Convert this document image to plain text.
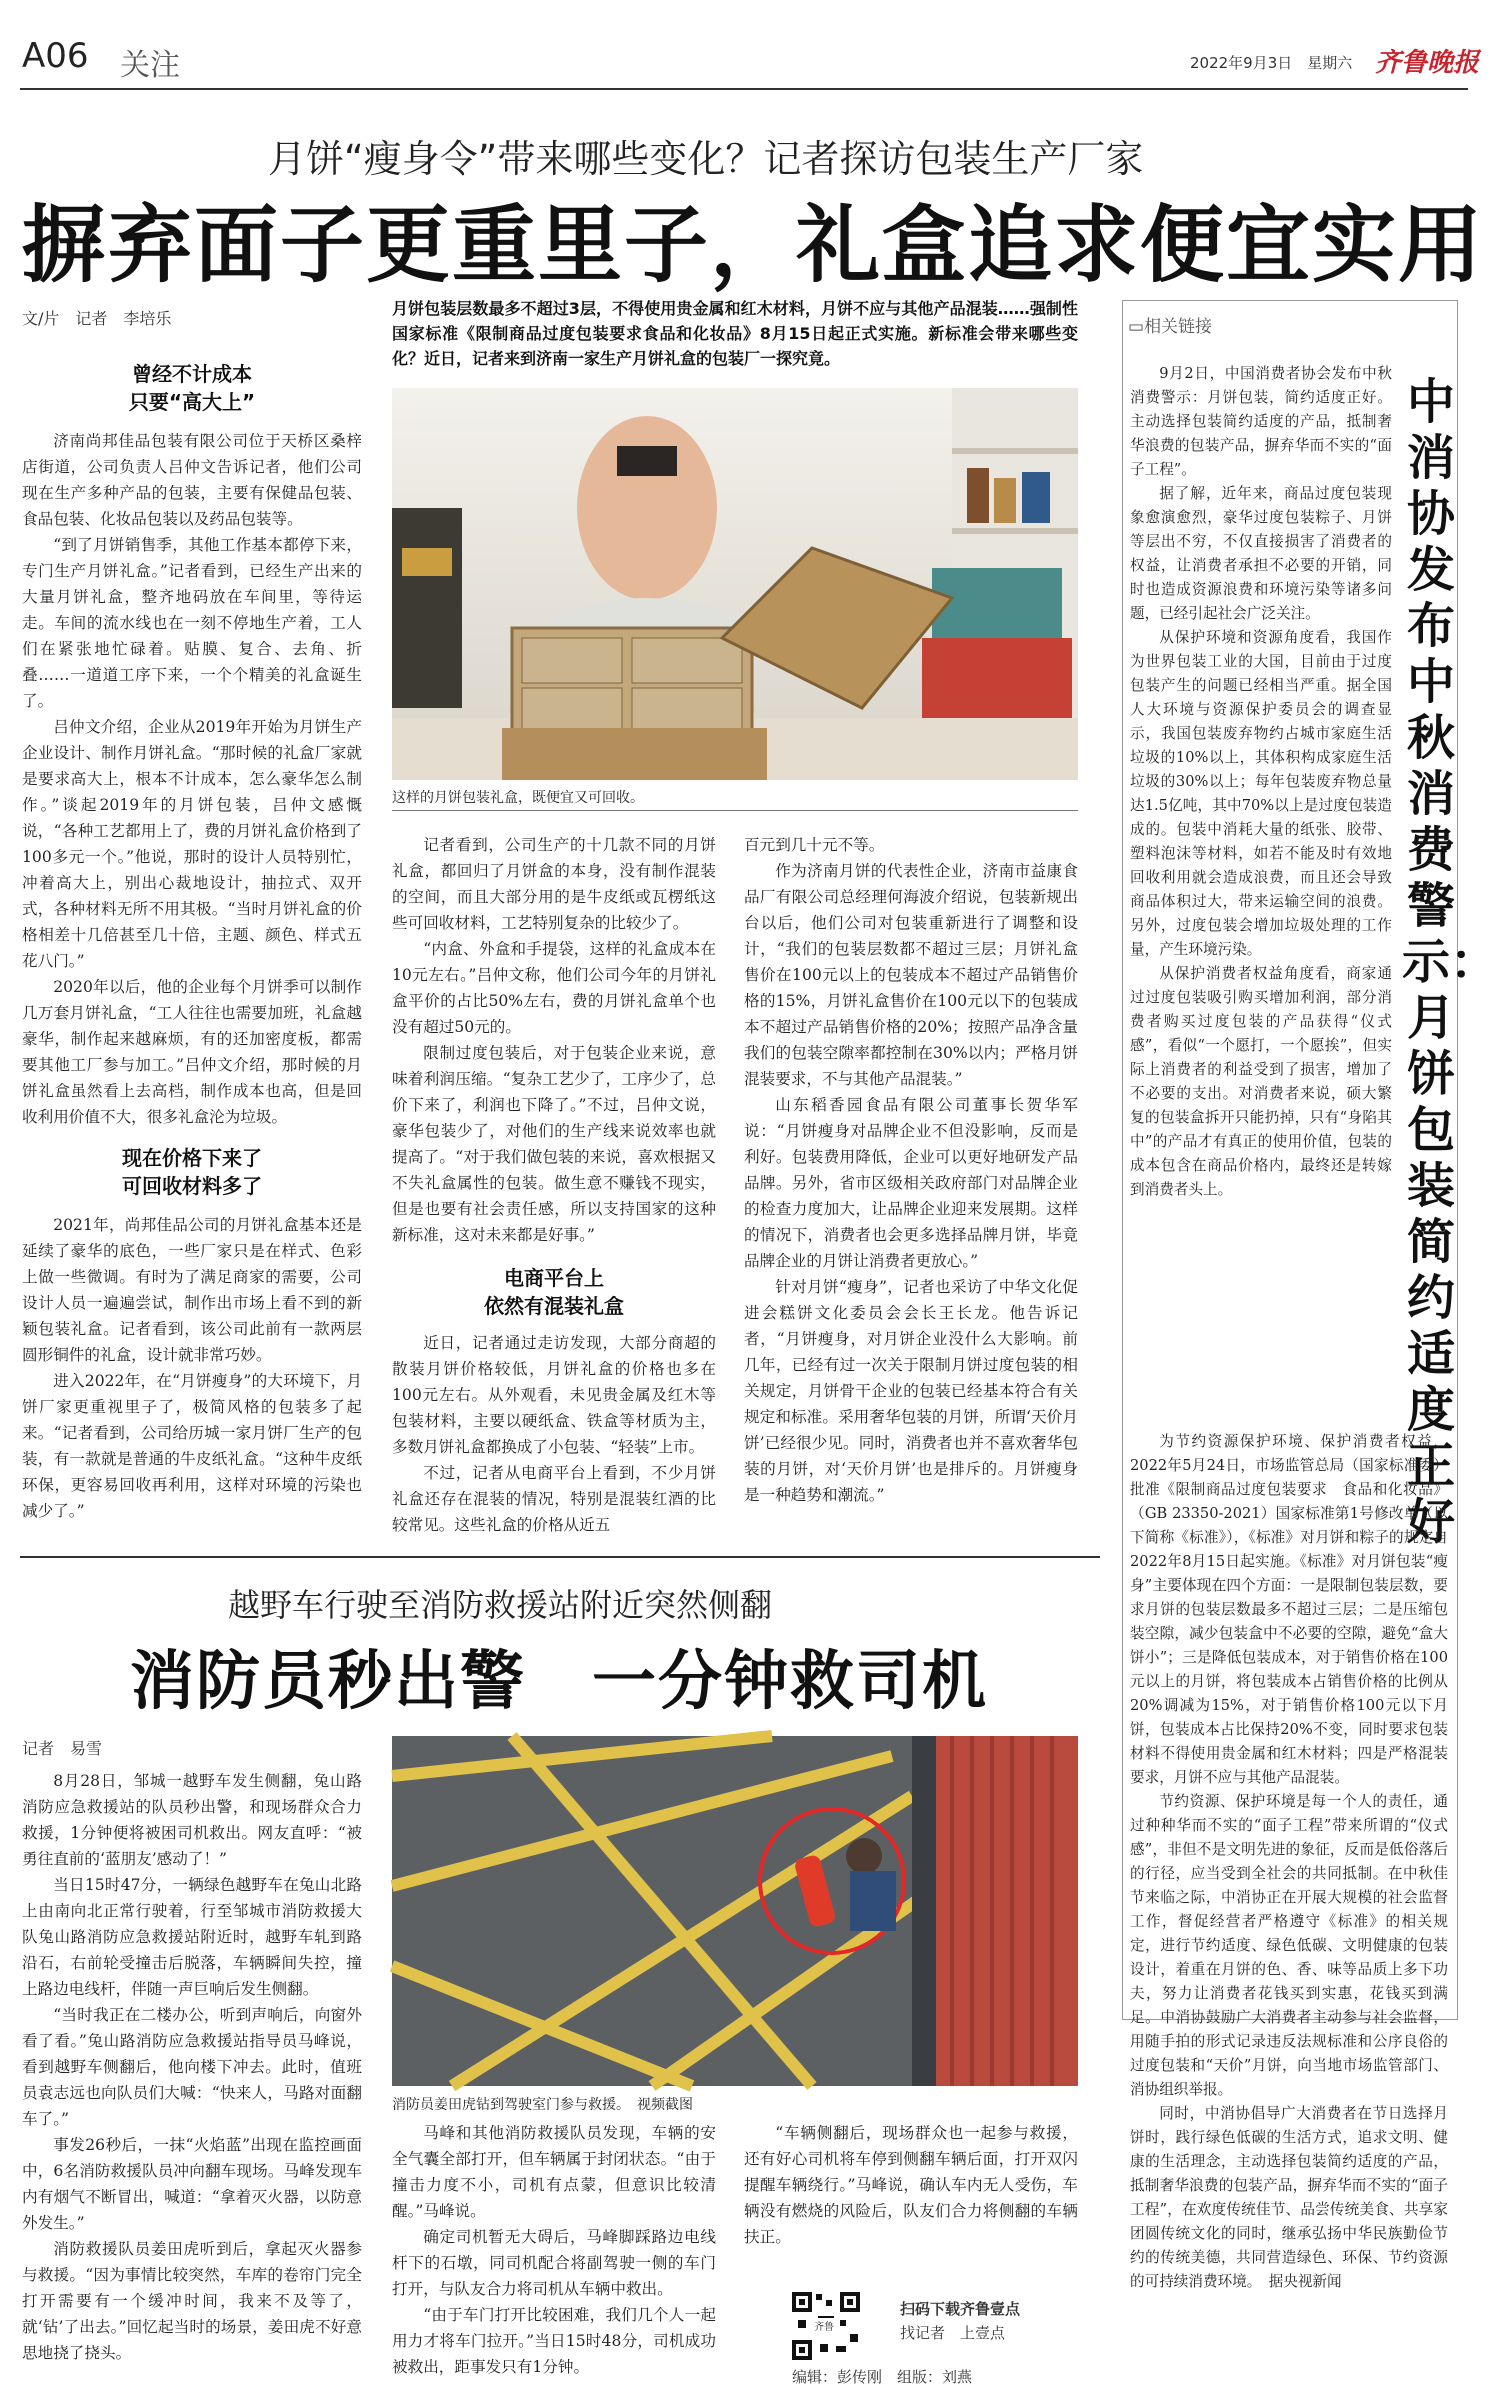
A06 关注	2022年9月3日　 星期六 齐鲁晚报
月饼“瘦身令”带来哪些变化？记者探访包装生产厂家
摒弃面子更重里子，礼盒追求便宜实用
文/片　记者　李培乐
月饼包装层数最多不超过3层，不得使用贵金属和红木材料，月饼不应与其他产品混装……强制性国家标准《限制商品过度包装要求食品和化妆品》8月15日起正式实施。新标准会带来哪些变化？近日，记者来到济南一家生产月饼礼盒的包装厂一探究竟。
这样的月饼包装礼盒，既便宜又可回收。
曾经不计成本
只要“高大上”

济南尚邦佳品包装有限公司位于天桥区桑梓店街道，公司负责人吕仲文告诉记者，他们公司现在生产多种产品的包装，主要有保健品包装、食品包装、化妆品包装以及药品包装等。

“到了月饼销售季，其他工作基本都停下来，专门生产月饼礼盒。”记者看到，已经生产出来的大量月饼礼盒，整齐地码放在车间里，等待运走。车间的流水线也在一刻不停地生产着，工人们在紧张地忙碌着。贴膜、复合、去角、折叠……一道道工序下来，一个个精美的礼盒诞生了。

吕仲文介绍，企业从2019年开始为月饼生产企业设计、制作月饼礼盒。“那时候的礼盒厂家就是要求高大上，根本不计成本，怎么豪华怎么制作。”谈起2019年的月饼包装，吕仲文感慨说，“各种工艺都用上了，费的月饼礼盒价格到了100多元一个。”他说，那时的设计人员特别忙，冲着高大上，别出心裁地设计，抽拉式、双开式，各种材料无所不用其极。“当时月饼礼盒的价格相差十几倍甚至几十倍，主题、颜色、样式五花八门。”

2020年以后，他的企业每个月饼季可以制作几万套月饼礼盒，“工人往往也需要加班，礼盒越豪华，制作起来越麻烦，有的还加密度板，都需要其他工厂参与加工。”吕仲文介绍，那时候的月饼礼盒虽然看上去高档，制作成本也高，但是回收利用价值不大，很多礼盒沦为垃圾。

现在价格下来了
可回收材料多了

2021年，尚邦佳品公司的月饼礼盒基本还是延续了豪华的底色，一些厂家只是在样式、色彩上做一些微调。有时为了满足商家的需要，公司设计人员一遍遍尝试，制作出市场上看不到的新颖包装礼盒。记者看到，该公司此前有一款两层圆形铜件的礼盒，设计就非常巧妙。

进入2022年，在“月饼瘦身”的大环境下，月饼厂家更重视里子了，极简风格的包装多了起来。“记者看到，公司给历城一家月饼厂生产的包装，有一款就是普通的牛皮纸礼盒。“这种牛皮纸环保，更容易回收再利用，这样对环境的污染也减少了。”

记者看到，公司生产的十几款不同的月饼礼盒，都回归了月饼盒的本身，没有制作混装的空间，而且大部分用的是牛皮纸或瓦楞纸这些可回收材料，工艺特别复杂的比较少了。

“内盒、外盒和手提袋，这样的礼盒成本在10元左右。”吕仲文称，他们公司今年的月饼礼盒平价的占比50%左右，费的月饼礼盒单个也没有超过50元的。

限制过度包装后，对于包装企业来说，意味着利润压缩。“复杂工艺少了，工序少了，总价下来了，利润也下降了。”不过，吕仲文说，豪华包装少了，对他们的生产线来说效率也就提高了。“对于我们做包装的来说，喜欢根据又不失礼盒属性的包装。做生意不赚钱不现实，但是也要有社会责任感，所以支持国家的这种新标准，这对未来都是好事。”

电商平台上
依然有混装礼盒

近日，记者通过走访发现，大部分商超的散装月饼价格较低，月饼礼盒的价格也多在100元左右。从外观看，未见贵金属及红木等包装材料，主要以硬纸盒、铁盒等材质为主，多数月饼礼盒都换成了小包装、“轻装”上市。

不过，记者从电商平台上看到，不少月饼礼盒还存在混装的情况，特别是混装红酒的比较常见。这些礼盒的价格从近五

百元到几十元不等。

作为济南月饼的代表性企业，济南市益康食品厂有限公司总经理何海波介绍说，包装新规出台以后，他们公司对包装重新进行了调整和设计，“我们的包装层数都不超过三层；月饼礼盒售价在100元以上的包装成本不超过产品销售价格的15%，月饼礼盒售价在100元以下的包装成本不超过产品销售价格的20%；按照产品净含量我们的包装空隙率都控制在30%以内；严格月饼混装要求，不与其他产品混装。”

山东稻香园食品有限公司董事长贺华军说：“月饼瘦身对品牌企业不但没影响，反而是利好。包装费用降低，企业可以更好地研发产品品牌。另外，省市区级相关政府部门对品牌企业的检查力度加大，让品牌企业迎来发展期。这样的情况下，消费者也会更多选择品牌月饼，毕竟品牌企业的月饼让消费者更放心。”

针对月饼“瘦身”，记者也采访了中华文化促进会糕饼文化委员会会长王长龙。他告诉记者，“月饼瘦身，对月饼企业没什么大影响。前几年，已经有过一次关于限制月饼过度包装的相关规定，月饼骨干企业的包装已经基本符合有关规定和标准。采用奢华包装的月饼，所谓‘天价月饼’已经很少见。同时，消费者也并不喜欢奢华包装的月饼，对‘天价月饼’也是排斥的。月饼瘦身是一种趋势和潮流。”

▭相关链接
中消协发布中秋消费警示：月饼包装简约适度正好

9月2日，中国消费者协会发布中秋消费警示：月饼包装，简约适度正好。主动选择包装简约适度的产品，抵制奢华浪费的包装产品，摒弃华而不实的“面子工程”。

据了解，近年来，商品过度包装现象愈演愈烈，豪华过度包装粽子、月饼等层出不穷，不仅直接损害了消费者的权益，让消费者承担不必要的开销，同时也造成资源浪费和环境污染等诸多问题，已经引起社会广泛关注。

从保护环境和资源角度看，我国作为世界包装工业的大国，目前由于过度包装产生的问题已经相当严重。据全国人大环境与资源保护委员会的调查显示，我国包装废弃物约占城市家庭生活垃圾的10%以上，其体积构成家庭生活垃圾的30%以上；每年包装废弃物总量达1.5亿吨，其中70%以上是过度包装造成的。包装中消耗大量的纸张、胶带、塑料泡沫等材料，如若不能及时有效地回收利用就会造成浪费，而且还会导致商品体积过大，带来运输空间的浪费。另外，过度包装会增加垃圾处理的工作量，产生环境污染。

从保护消费者权益角度看，商家通过过度包装吸引购买增加利润，部分消费者购买过度包装的产品获得“仪式感”，看似“一个愿打，一个愿挨”，但实际上消费者的利益受到了损害，增加了不必要的支出。对消费者来说，硕大繁复的包装盒拆开只能扔掉，只有“身陷其中”的产品才有真正的使用价值，包装的成本包含在商品价格内，最终还是转嫁到消费者头上。

为节约资源保护环境、保护消费者权益，2022年5月24日，市场监管总局（国家标准委）批准《限制商品过度包装要求　食品和化妆品》（GB 23350-2021）国家标准第1号修改单（以下简称《标准》），《标准》对月饼和粽子的规定自2022年8月15日起实施。《标准》对月饼包装“瘦身”主要体现在四个方面：一是限制包装层数，要求月饼的包装层数最多不超过三层；二是压缩包装空隙，减少包装盒中不必要的空隙，避免“盒大饼小”；三是降低包装成本，对于销售价格在100元以上的月饼，将包装成本占销售价格的比例从20%调减为15%，对于销售价格100元以下月饼，包装成本占比保持20%不变，同时要求包装材料不得使用贵金属和红木材料；四是严格混装要求，月饼不应与其他产品混装。

节约资源、保护环境是每一个人的责任，通过种种华而不实的“面子工程”带来所谓的“仪式感”，非但不是文明先进的象征，反而是低俗落后的行径，应当受到全社会的共同抵制。在中秋佳节来临之际，中消协正在开展大规模的社会监督工作，督促经营者严格遵守《标准》的相关规定，进行节约适度、绿色低碳、文明健康的包装设计，着重在月饼的色、香、味等品质上多下功夫，努力让消费者花钱买到实惠，花钱买到满足。中消协鼓励广大消费者主动参与社会监督，用随手拍的形式记录违反法规标准和公序良俗的过度包装和“天价”月饼，向当地市场监管部门、消协组织举报。

同时，中消协倡导广大消费者在节日选择月饼时，践行绿色低碳的生活方式，追求文明、健康的生活理念，主动选择包装简约适度的产品，抵制奢华浪费的包装产品，摒弃华而不实的“面子工程”，在欢度传统佳节、品尝传统美食、共享家团圆传统文化的同时，继承弘扬中华民族勤俭节约的传统美德，共同营造绿色、环保、节约资源的可持续消费环境。　据央视新闻

越野车行驶至消防救援站附近突然侧翻
消防员秒出警　一分钟救司机
记者　易雪
消防员姜田虎钻到驾驶室门参与救援。　视频截图

8月28日，邹城一越野车发生侧翻，兔山路消防应急救援站的队员秒出警，和现场群众合力救援，1分钟便将被困司机救出。网友直呼：“被勇往直前的‘蓝朋友’感动了！”

当日15时47分，一辆绿色越野车在兔山北路上由南向北正常行驶着，行至邹城市消防救援大队兔山路消防应急救援站附近时，越野车轧到路沿石，右前轮受撞击后脱落，车辆瞬间失控，撞上路边电线杆，伴随一声巨响后发生侧翻。

“当时我正在二楼办公，听到声响后，向窗外看了看。”兔山路消防应急救援站指导员马峰说，看到越野车侧翻后，他向楼下冲去。此时，值班员袁志远也向队员们大喊：“快来人，马路对面翻车了。”

事发26秒后，一抹“火焰蓝”出现在监控画面中，6名消防救援队员冲向翻车现场。马峰发现车内有烟气不断冒出，喊道：“拿着灭火器，以防意外发生。”

消防救援队员姜田虎听到后，拿起灭火器参与救援。“因为事情比较突然，车库的卷帘门完全打开需要有一个缓冲时间，我来不及等了，就‘钻’了出去。”回忆起当时的场景，姜田虎不好意思地挠了挠头。

马峰和其他消防救援队员发现，车辆的安全气囊全部打开，但车辆属于封闭状态。“由于撞击力度不小，司机有点蒙，但意识比较清醒。”马峰说。

确定司机暂无大碍后，马峰脚踩路边电线杆下的石墩，同司机配合将副驾驶一侧的车门打开，与队友合力将司机从车辆中救出。

“由于车门打开比较困难，我们几个人一起用力才将车门拉开。”当日15时48分，司机成功被救出，距事发只有1分钟。

“车辆侧翻后，现场群众也一起参与救援，还有好心司机将车停到侧翻车辆后面，打开双闪提醒车辆绕行。”马峰说，确认车内无人受伤，车辆没有燃烧的风险后，队友们合力将侧翻的车辆扶正。

齐鲁
扫码下载齐鲁壹点
找记者　上壹点
编辑：彭传刚　组版：刘燕
